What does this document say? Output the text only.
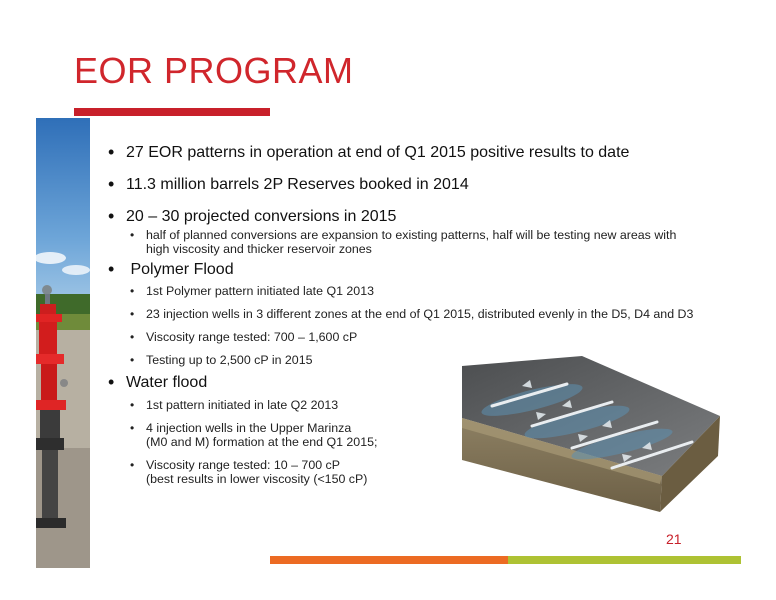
EOR PROGRAM
• 27 EOR patterns in operation at end of Q1 2015 positive results to date
• 11.3 million barrels 2P Reserves booked in 2014
• 20 – 30 projected conversions in 2015
• half of planned conversions are expansion to existing patterns, half will be testing new areas with
high viscosity and thicker reservoir zones
• Polymer Flood
• 1st Polymer pattern initiated late Q1 2013
• 23 injection wells in 3 different zones at the end of Q1 2015, distributed evenly in the D5, D4 and D3
• Viscosity range tested: 700 – 1,600 cP
• Testing up to 2,500 cP in 2015
• Water flood
• 1st pattern initiated in late Q2 2013
• 4 injection wells in the Upper Marinza
(M0 and M) formation at the end Q1 2015;
• Viscosity range tested: 10 – 700 cP
(best results in lower viscosity (<150 cP)
21
